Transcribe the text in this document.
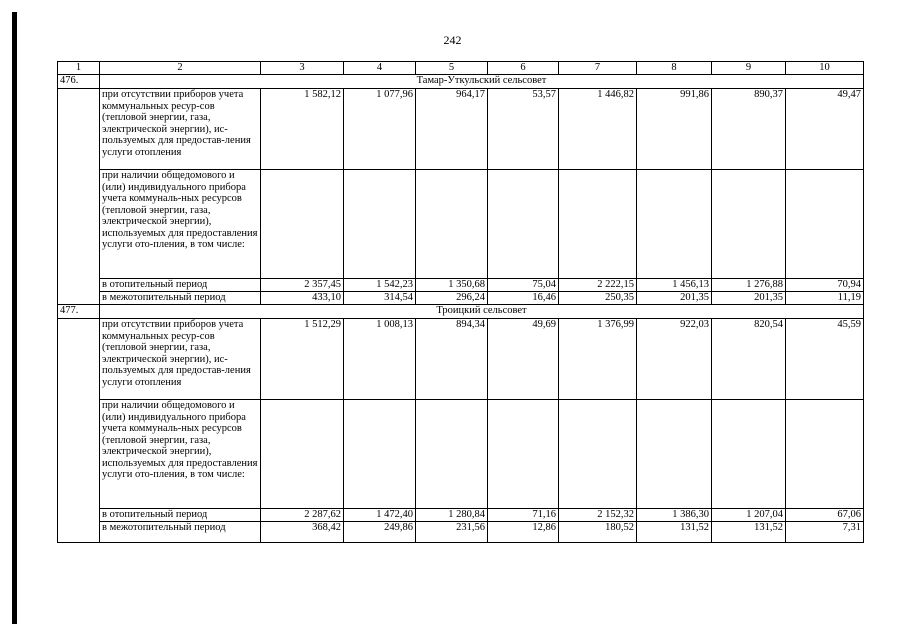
242
1	2	3	4	5	6	7	8	9	10
476.	Тамар-Уткульский сельсовет								
	при отсутствии приборов учета коммунальных ресур-сов (тепловой энергии, газа, электрической энергии), ис-пользуемых для предостав-ления услуги отопления	1 582,12	1 077,96	964,17	53,57	1 446,82	991,86	890,37	49,47
	при наличии общедомового и (или) индивидуального прибора учета коммуналь-ных ресурсов (тепловой энергии, газа, электрической энергии), используемых для предоставления услуги ото-пления, в том числе:								
	в отопительный период	2 357,45	1 542,23	1 350,68	75,04	2 222,15	1 456,13	1 276,88	70,94
	в межотопительный период	433,10	314,54	296,24	16,46	250,35	201,35	201,35	11,19
477.	Троицкий сельсовет								
	при отсутствии приборов учета коммунальных ресур-сов (тепловой энергии, газа, электрической энергии), ис-пользуемых для предостав-ления услуги отопления	1 512,29	1 008,13	894,34	49,69	1 376,99	922,03	820,54	45,59
	при наличии общедомового и (или) индивидуального прибора учета коммуналь-ных ресурсов (тепловой энергии, газа, электрической энергии), используемых для предоставления услуги ото-пления, в том числе:								
	в отопительный период	2 287,62	1 472,40	1 280,84	71,16	2 152,32	1 386,30	1 207,04	67,06
	в межотопительный период	368,42	249,86	231,56	12,86	180,52	131,52	131,52	7,31
